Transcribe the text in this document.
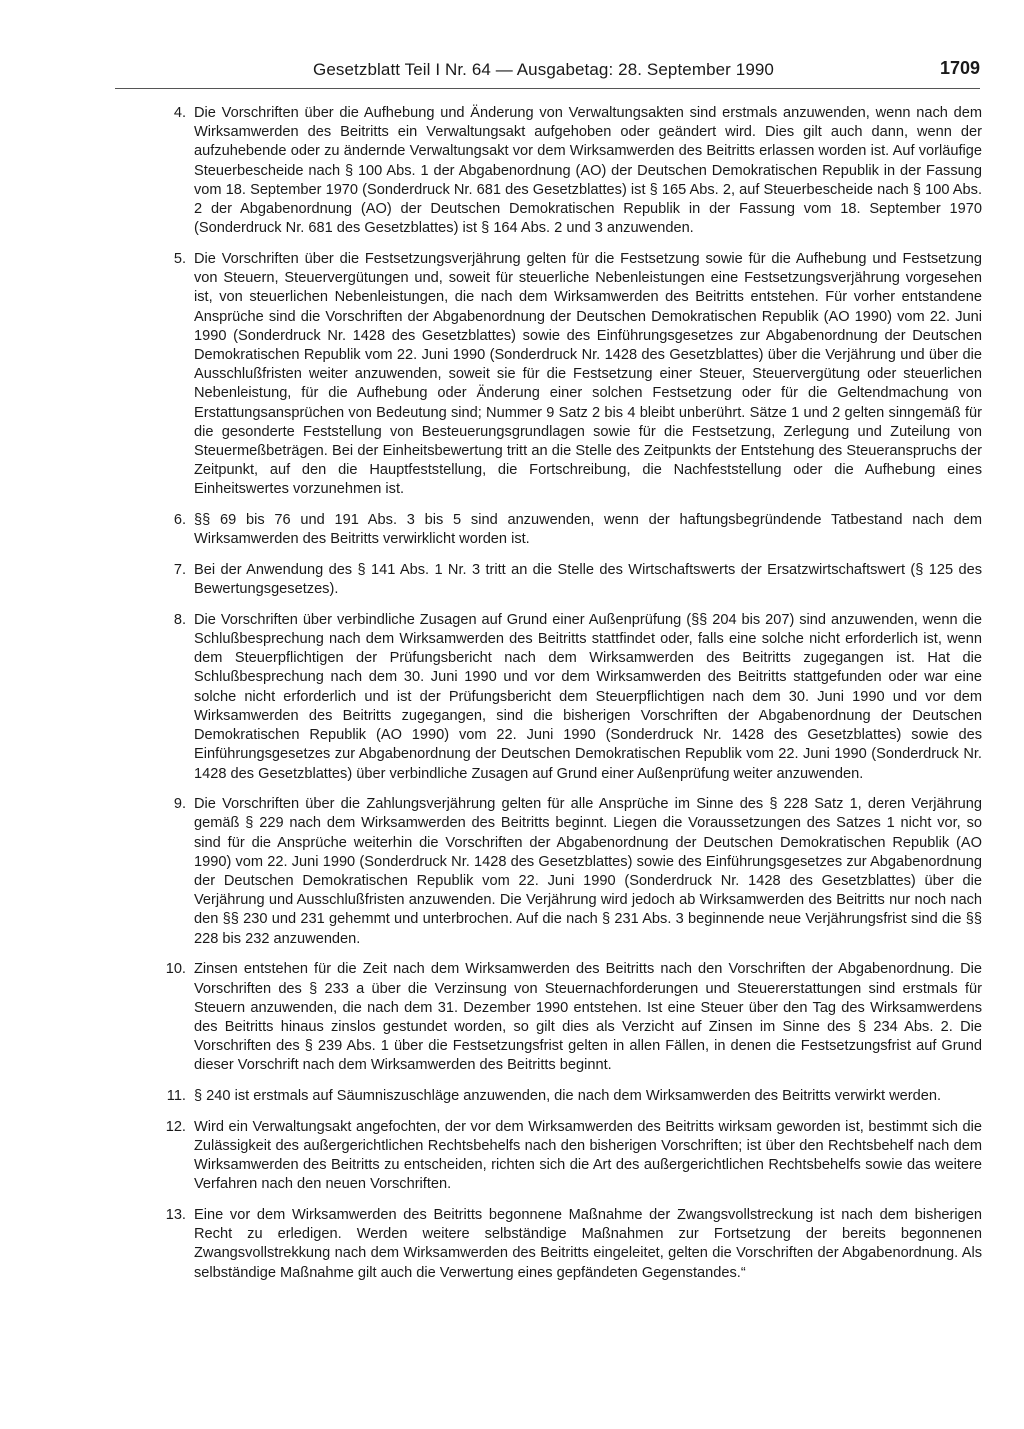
Gesetzblatt Teil I Nr. 64 — Ausgabetag: 28. September 1990	1709
4. Die Vorschriften über die Aufhebung und Änderung von Verwaltungsakten sind erstmals anzuwenden, wenn nach dem Wirksamwerden des Beitritts ein Verwaltungsakt aufgehoben oder geändert wird. Dies gilt auch dann, wenn der aufzuhebende oder zu ändernde Verwaltungsakt vor dem Wirksamwerden des Beitritts erlassen worden ist. Auf vorläufige Steuerbescheide nach § 100 Abs. 1 der Abgabenordnung (AO) der Deutschen Demokratischen Republik in der Fassung vom 18. September 1970 (Sonderdruck Nr. 681 des Gesetzblattes) ist § 165 Abs. 2, auf Steuerbescheide nach § 100 Abs. 2 der Abgabenordnung (AO) der Deutschen Demokratischen Republik in der Fassung vom 18. September 1970 (Sonderdruck Nr. 681 des Gesetzblattes) ist § 164 Abs. 2 und 3 anzuwenden.
5. Die Vorschriften über die Festsetzungsverjährung gelten für die Festsetzung sowie für die Aufhebung und Festsetzung von Steuern, Steuervergütungen und, soweit für steuerliche Nebenleistungen eine Festsetzungsverjährung vorgesehen ist, von steuerlichen Nebenleistungen, die nach dem Wirksamwerden des Beitritts entstehen. Für vorher entstandene Ansprüche sind die Vorschriften der Abgabenordnung der Deutschen Demokratischen Republik (AO 1990) vom 22. Juni 1990 (Sonderdruck Nr. 1428 des Gesetzblattes) sowie des Einführungsgesetzes zur Abgabenordnung der Deutschen Demokratischen Republik vom 22. Juni 1990 (Sonderdruck Nr. 1428 des Gesetzblattes) über die Verjährung und über die Ausschlußfristen weiter anzuwenden, soweit sie für die Festsetzung einer Steuer, Steuervergütung oder steuerlichen Nebenleistung, für die Aufhebung oder Änderung einer solchen Festsetzung oder für die Geltendmachung von Erstattungsansprüchen von Bedeutung sind; Nummer 9 Satz 2 bis 4 bleibt unberührt. Sätze 1 und 2 gelten sinngemäß für die gesonderte Feststellung von Besteuerungsgrundlagen sowie für die Festsetzung, Zerlegung und Zuteilung von Steuermeßbeträgen. Bei der Einheitsbewertung tritt an die Stelle des Zeitpunkts der Entstehung des Steueranspruchs der Zeitpunkt, auf den die Hauptfeststellung, die Fortschreibung, die Nachfeststellung oder die Aufhebung eines Einheitswertes vorzunehmen ist.
6. §§ 69 bis 76 und 191 Abs. 3 bis 5 sind anzuwenden, wenn der haftungsbegründende Tatbestand nach dem Wirksamwerden des Beitritts verwirklicht worden ist.
7. Bei der Anwendung des § 141 Abs. 1 Nr. 3 tritt an die Stelle des Wirtschaftswerts der Ersatzwirtschaftswert (§ 125 des Bewertungsgesetzes).
8. Die Vorschriften über verbindliche Zusagen auf Grund einer Außenprüfung (§§ 204 bis 207) sind anzuwenden, wenn die Schlußbesprechung nach dem Wirksamwerden des Beitritts stattfindet oder, falls eine solche nicht erforderlich ist, wenn dem Steuerpflichtigen der Prüfungsbericht nach dem Wirksamwerden des Beitritts zugegangen ist. Hat die Schlußbesprechung nach dem 30. Juni 1990 und vor dem Wirksamwerden des Beitritts stattgefunden oder war eine solche nicht erforderlich und ist der Prüfungsbericht dem Steuerpflichtigen nach dem 30. Juni 1990 und vor dem Wirksamwerden des Beitritts zugegangen, sind die bisherigen Vorschriften der Abgabenordnung der Deutschen Demokratischen Republik (AO 1990) vom 22. Juni 1990 (Sonderdruck Nr. 1428 des Gesetzblattes) sowie des Einführungsgesetzes zur Abgabenordnung der Deutschen Demokratischen Republik vom 22. Juni 1990 (Sonderdruck Nr. 1428 des Gesetzblattes) über verbindliche Zusagen auf Grund einer Außenprüfung weiter anzuwenden.
9. Die Vorschriften über die Zahlungsverjährung gelten für alle Ansprüche im Sinne des § 228 Satz 1, deren Verjährung gemäß § 229 nach dem Wirksamwerden des Beitritts beginnt. Liegen die Voraussetzungen des Satzes 1 nicht vor, so sind für die Ansprüche weiterhin die Vorschriften der Abgabenordnung der Deutschen Demokratischen Republik (AO 1990) vom 22. Juni 1990 (Sonderdruck Nr. 1428 des Gesetzblattes) sowie des Einführungsgesetzes zur Abgabenordnung der Deutschen Demokratischen Republik vom 22. Juni 1990 (Sonderdruck Nr. 1428 des Gesetzblattes) über die Verjährung und Ausschlußfristen anzuwenden. Die Verjährung wird jedoch ab Wirksamwerden des Beitritts nur noch nach den §§ 230 und 231 gehemmt und unterbrochen. Auf die nach § 231 Abs. 3 beginnende neue Verjährungsfrist sind die §§ 228 bis 232 anzuwenden.
10. Zinsen entstehen für die Zeit nach dem Wirksamwerden des Beitritts nach den Vorschriften der Abgabenordnung. Die Vorschriften des § 233 a über die Verzinsung von Steuernachforderungen und Steuererstattungen sind erstmals für Steuern anzuwenden, die nach dem 31. Dezember 1990 entstehen. Ist eine Steuer über den Tag des Wirksamwerdens des Beitritts hinaus zinslos gestundet worden, so gilt dies als Verzicht auf Zinsen im Sinne des § 234 Abs. 2. Die Vorschriften des § 239 Abs. 1 über die Festsetzungsfrist gelten in allen Fällen, in denen die Festsetzungsfrist auf Grund dieser Vorschrift nach dem Wirksamwerden des Beitritts beginnt.
11. § 240 ist erstmals auf Säumniszuschläge anzuwenden, die nach dem Wirksamwerden des Beitritts verwirkt werden.
12. Wird ein Verwaltungsakt angefochten, der vor dem Wirksamwerden des Beitritts wirksam geworden ist, bestimmt sich die Zulässigkeit des außergerichtlichen Rechtsbehelfs nach den bisherigen Vorschriften; ist über den Rechtsbehelf nach dem Wirksamwerden des Beitritts zu entscheiden, richten sich die Art des außergerichtlichen Rechtsbehelfs sowie das weitere Verfahren nach den neuen Vorschriften.
13. Eine vor dem Wirksamwerden des Beitritts begonnene Maßnahme der Zwangsvollstreckung ist nach dem bisherigen Recht zu erledigen. Werden weitere selbständige Maßnahmen zur Fortsetzung der bereits begonnenen Zwangsvollstrekkung nach dem Wirksamwerden des Beitritts eingeleitet, gelten die Vorschriften der Abgabenordnung. Als selbständige Maßnahme gilt auch die Verwertung eines gepfändeten Gegenstandes.“
